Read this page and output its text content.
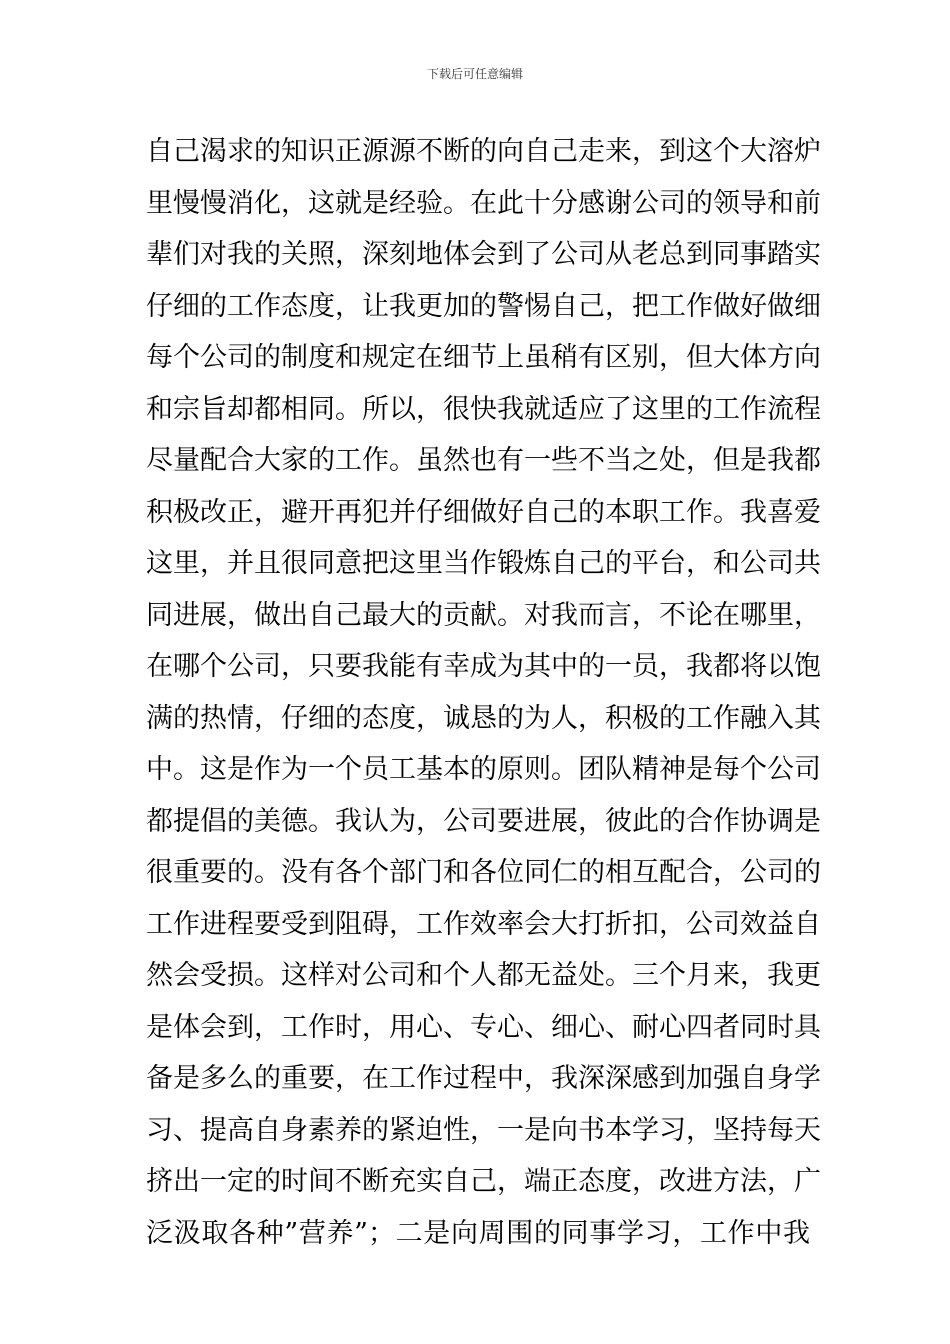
下载后可任意编辑
自己渴求的知识正源源不断的向自己走来，到这个大溶炉
里慢慢消化，这就是经验。在此十分感谢公司的领导和前
辈们对我的关照，深刻地体会到了公司从老总到同事踏实
仔细的工作态度，让我更加的警惕自己，把工作做好做细
每个公司的制度和规定在细节上虽稍有区别，但大体方向
和宗旨却都相同。所以，很快我就适应了这里的工作流程
尽量配合大家的工作。虽然也有一些不当之处，但是我都
积极改正，避开再犯并仔细做好自己的本职工作。我喜爱
这里，并且很同意把这里当作锻炼自己的平台，和公司共
同进展，做出自己最大的贡献。对我而言，不论在哪里，
在哪个公司，只要我能有幸成为其中的一员，我都将以饱
满的热情，仔细的态度，诚恳的为人，积极的工作融入其
中。这是作为一个员工基本的原则。团队精神是每个公司
都提倡的美德。我认为，公司要进展，彼此的合作协调是
很重要的。没有各个部门和各位同仁的相互配合，公司的
工作进程要受到阻碍，工作效率会大打折扣，公司效益自
然会受损。这样对公司和个人都无益处。三个月来，我更
是体会到，工作时，用心、专心、细心、耐心四者同时具
备是多么的重要，在工作过程中，我深深感到加强自身学
习、提高自身素养的紧迫性，一是向书本学习，坚持每天
挤出一定的时间不断充实自己，端正态度，改进方法，广
泛汲取各种”营养”；二是向周围的同事学习，工作中我
